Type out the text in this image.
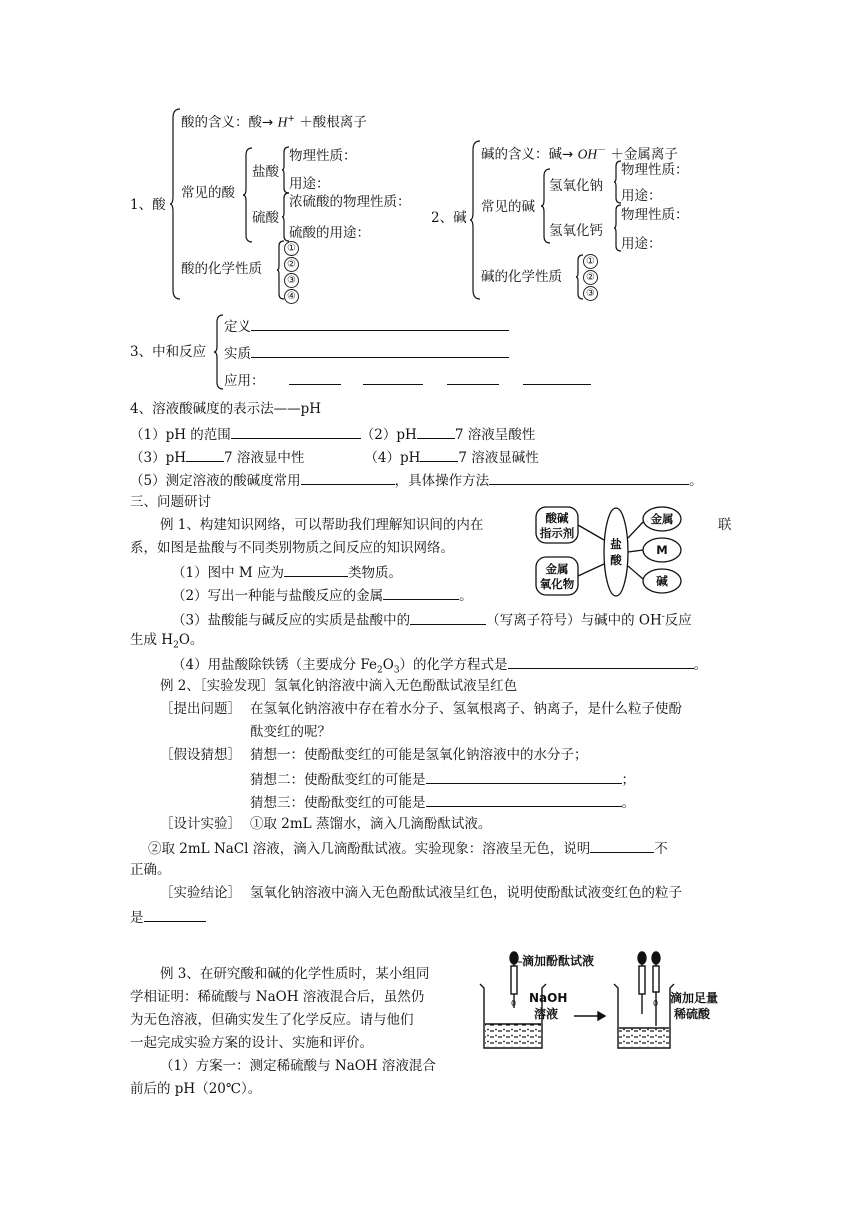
1、酸
酸的含义：酸→ H+ ＋酸根离子
常见的酸
盐酸
物理性质：
用途：
硫酸
浓硫酸的物理性质：
硫酸的用途：
酸的化学性质
①
②
③
④
2、碱
碱的含义：碱→ OH－ ＋金属离子
常见的碱
氢氧化钠
物理性质：
用途：
氢氧化钙
物理性质：
用途：
碱的化学性质
①
②
③
3、中和反应
定义
实质
应用：
4、溶液酸碱度的表示法——pH
（1）pH 的范围	（2）pH	7 溶液呈酸性
（3）pH	7 溶液显中性	（4）pH	7 溶液显碱性
（5）测定溶液的酸碱度常用	，具体操作方法	。
三、问题研讨
例 1、构建知识网络，可以帮助我们理解知识间的内在	联
系，如图是盐酸与不同类别物质之间反应的知识网络。
（1）图中 M 应为	类物质。
（2）写出一种能与盐酸反应的金属	。
（3）盐酸能与碱反应的实质是盐酸中的	（写离子符号）与碱中的 OH-反应
生成 $H_2O$。
（4）用盐酸除铁锈（主要成分 $Fe_2O_3$）的化学方程式是	。
酸碱
指示剂
金属
氧化物
盐
酸
金属
M
碱
例 2、［实验发现］氢氧化钠溶液中滴入无色酚酞试液呈红色
［提出问题］ 在氢氧化钠溶液中存在着水分子、氢氧根离子、钠离子，是什么粒子使酚
酞变红的呢？
［假设猜想］ 猜想一：使酚酞变红的可能是氢氧化钠溶液中的水分子；
猜想二：使酚酞变红的可能是	；
猜想三：使酚酞变红的可能是	。
［设计实验］ ①取 2mL 蒸馏水，滴入几滴酚酞试液。
②取 2mL NaCl 溶液，滴入几滴酚酞试液。实验现象：溶液呈无色，说明	不
正确。
［实验结论］ 氢氧化钠溶液中滴入无色酚酞试液呈红色，说明使酚酞试液变红色的粒子
是
例 3、在研究酸和碱的化学性质时，某小组同
学相证明：稀硫酸与 NaOH 溶液混合后，虽然仍
为无色溶液，但确实发生了化学反应。请与他们
一起完成实验方案的设计、实施和评价。
（1）方案一：测定稀硫酸与 NaOH 溶液混合
前后的 pH（20℃）。
滴加酚酞试液
NaOH
溶液
滴加足量
稀硫酸
0	0
